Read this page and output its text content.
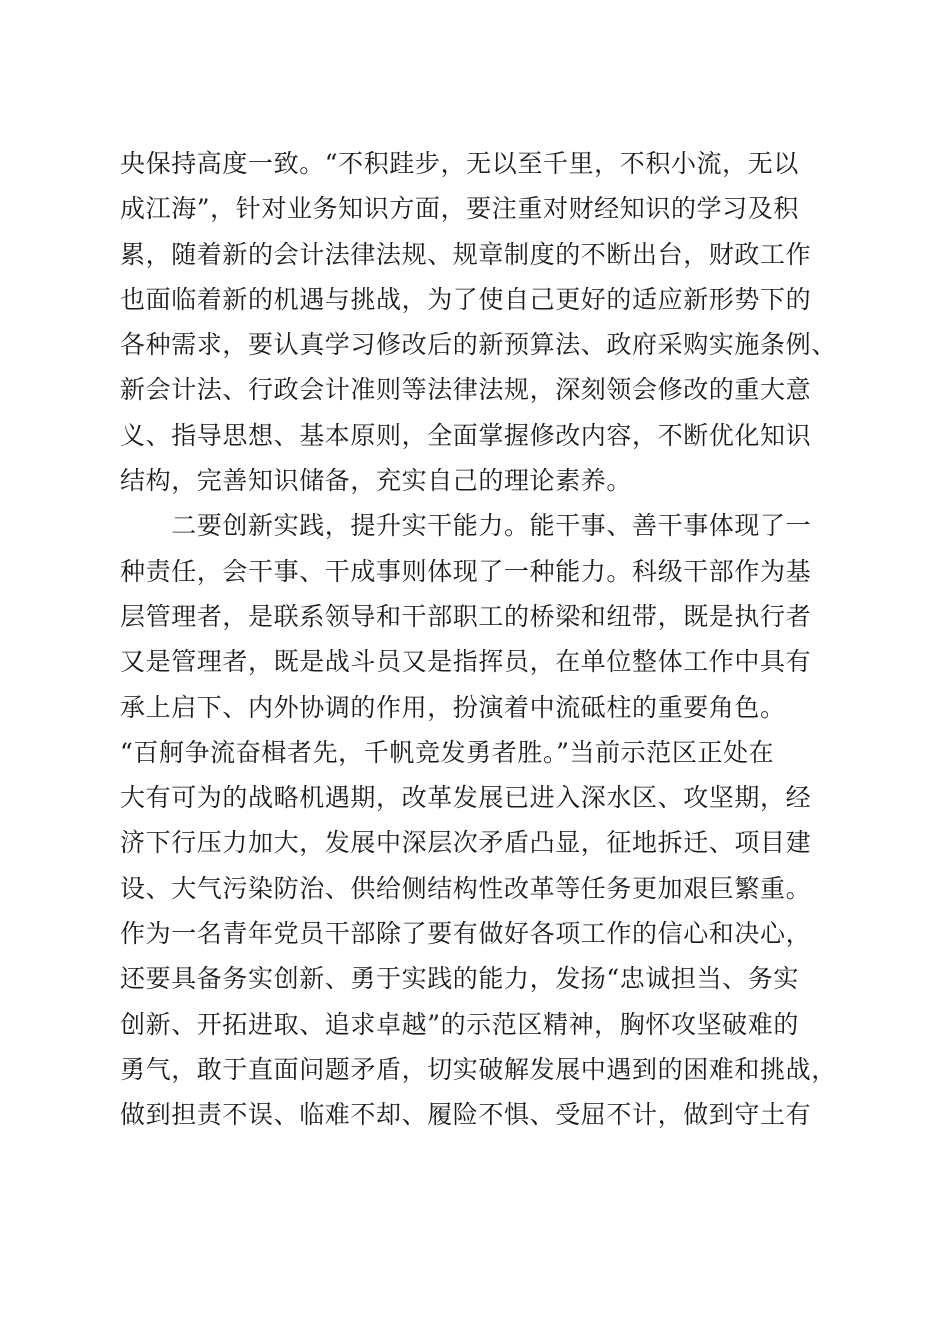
央保持高度一致。“不积跬步，无以至千里，不积小流，无以
成江海”，针对业务知识方面，要注重对财经知识的学习及积
累，随着新的会计法律法规、规章制度的不断出台，财政工作
也面临着新的机遇与挑战，为了使自己更好的适应新形势下的
各种需求，要认真学习修改后的新预算法、政府采购实施条例、
新会计法、行政会计准则等法律法规，深刻领会修改的重大意
义、指导思想、基本原则，全面掌握修改内容，不断优化知识
结构，完善知识储备，充实自己的理论素养。
　　二要创新实践，提升实干能力。能干事、善干事体现了一
种责任，会干事、干成事则体现了一种能力。科级干部作为基
层管理者，是联系领导和干部职工的桥梁和纽带，既是执行者
又是管理者，既是战斗员又是指挥员，在单位整体工作中具有
承上启下、内外协调的作用，扮演着中流砥柱的重要角色。
“百舸争流奋楫者先，千帆竞发勇者胜。”当前示范区正处在
大有可为的战略机遇期，改革发展已进入深水区、攻坚期，经
济下行压力加大，发展中深层次矛盾凸显，征地拆迁、项目建
设、大气污染防治、供给侧结构性改革等任务更加艰巨繁重。
作为一名青年党员干部除了要有做好各项工作的信心和决心，
还要具备务实创新、勇于实践的能力，发扬“忠诚担当、务实
创新、开拓进取、追求卓越”的示范区精神，胸怀攻坚破难的
勇气，敢于直面问题矛盾，切实破解发展中遇到的困难和挑战，
做到担责不误、临难不却、履险不惧、受屈不计，做到守土有
